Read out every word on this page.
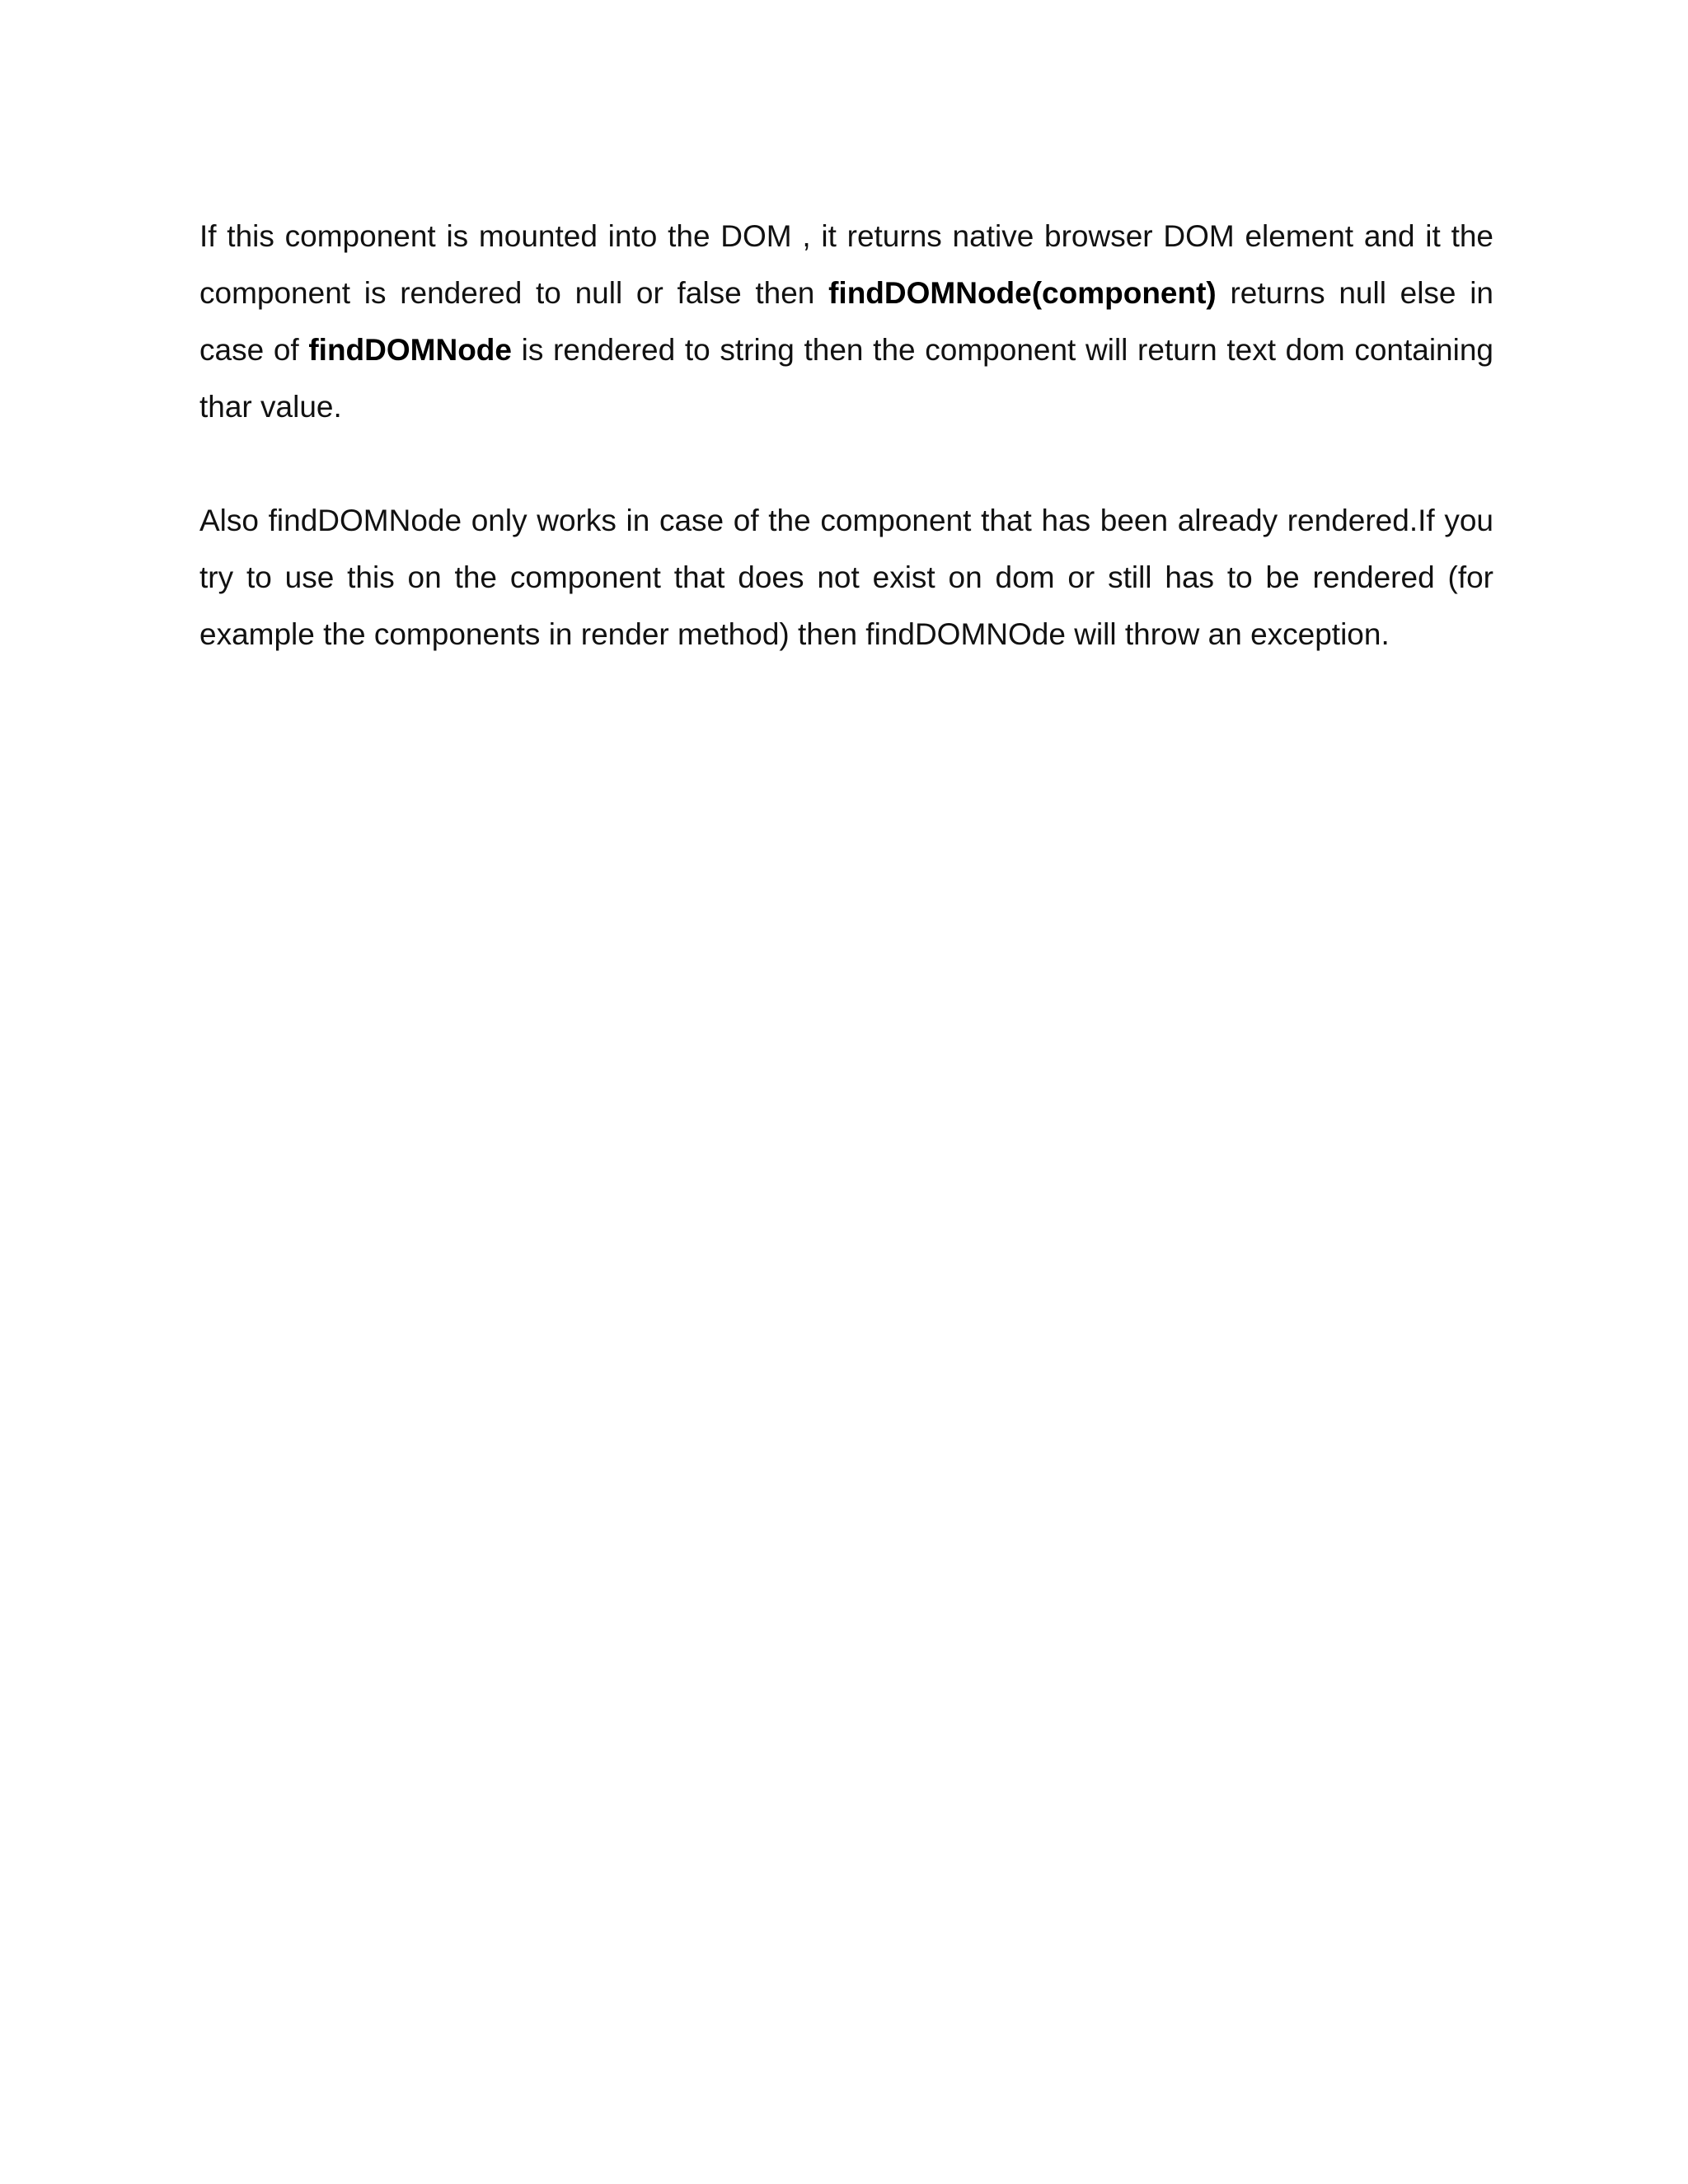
If this component is mounted into the DOM , it returns native browser DOM element and it the component is rendered to null or false then findDOMNode(component) returns null else in case of findDOMNode is rendered to string then the component will return text dom containing thar value.

Also findDOMNode only works in case of the component that has been already rendered.If you try to use this on the component that does not exist on dom or still has to be rendered (for example the components in render method) then findDOMNOde will throw an exception.
